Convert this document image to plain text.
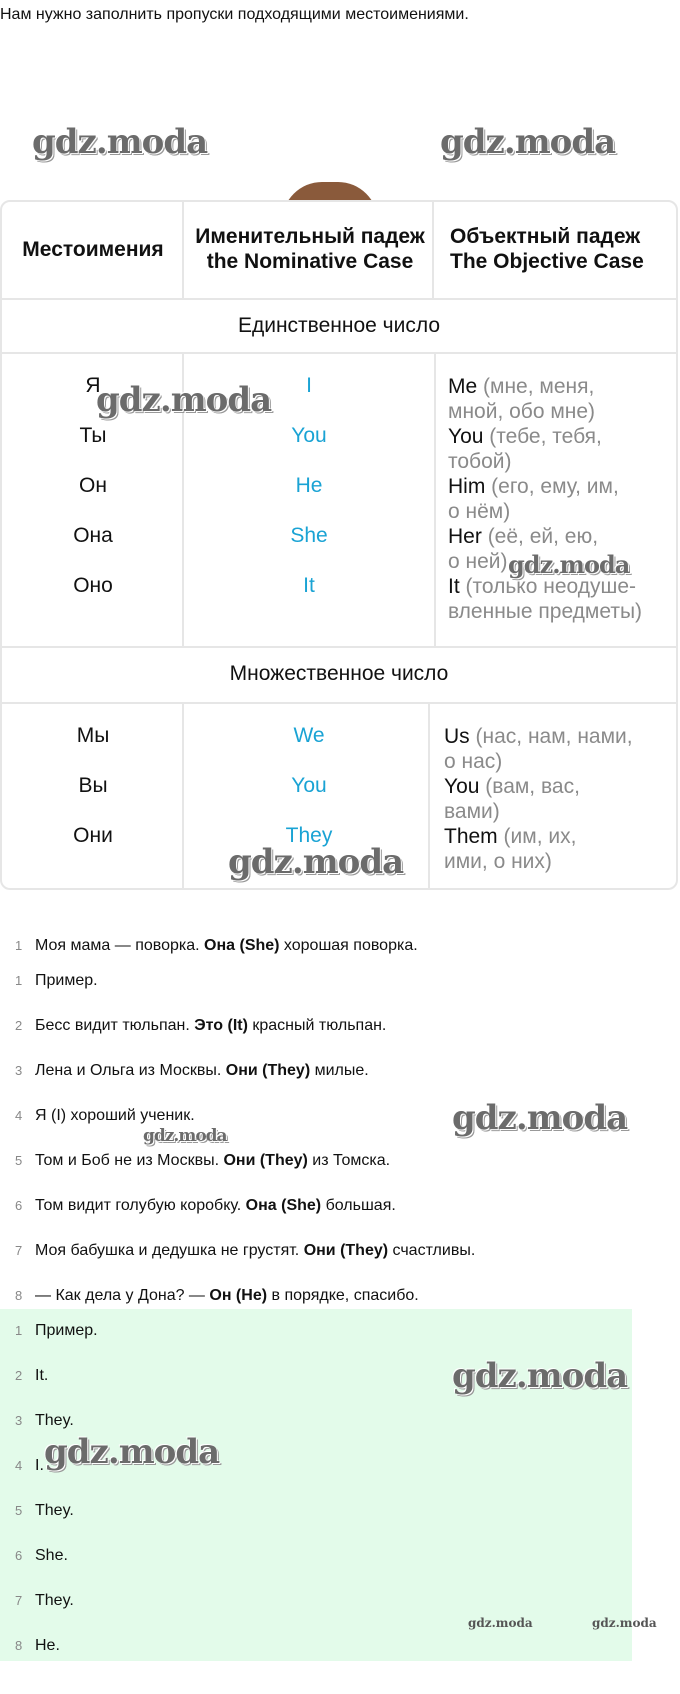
Нам нужно заполнить пропуски подходящими местоимениями.
Местоимения
Именительный падеж
the Nominative Case
Объектный падеж
The Objective Case
Единственное число
Я	I	Me (мне, меня,
мной, обо мне)
Ты	You	You (тебе, тебя,
тобой)
Он	He	Him (его, ему, им,
о нём)
Она	She	Her (её, ей, ею,
о ней)
Оно	It	It (только неодуше-
вленные предметы)
Множественное число
Мы	We	Us (нас, нам, нами,
о нас)
Вы	You	You (вам, вас,
вами)
Они	They	Them (им, их,
ими, о них)
1 Моя мама — поворка. Она (She) хорошая поворка.
1 Пример.
2 Бесс видит тюльпан. Это (It) красный тюльпан.
3 Лена и Ольга из Москвы. Они (They) милые.
4 Я (I) хороший ученик.
5 Том и Боб не из Москвы. Они (They) из Томска.
6 Том видит голубую коробку. Она (She) большая.
7 Моя бабушка и дедушка не грустят. Они (They) счастливы.
8 — Как дела у Дона? — Он (He) в порядке, спасибо.
1 Пример.
2 It.
3 They.
4 I.
5 They.
6 She.
7 They.
8 He.
gdz.moda	gdz.moda
gdz.moda
gdz.moda
gdz.moda
gdz.moda
gdz.moda
gdz.moda
gdz.moda
gdz.moda	gdz.moda
